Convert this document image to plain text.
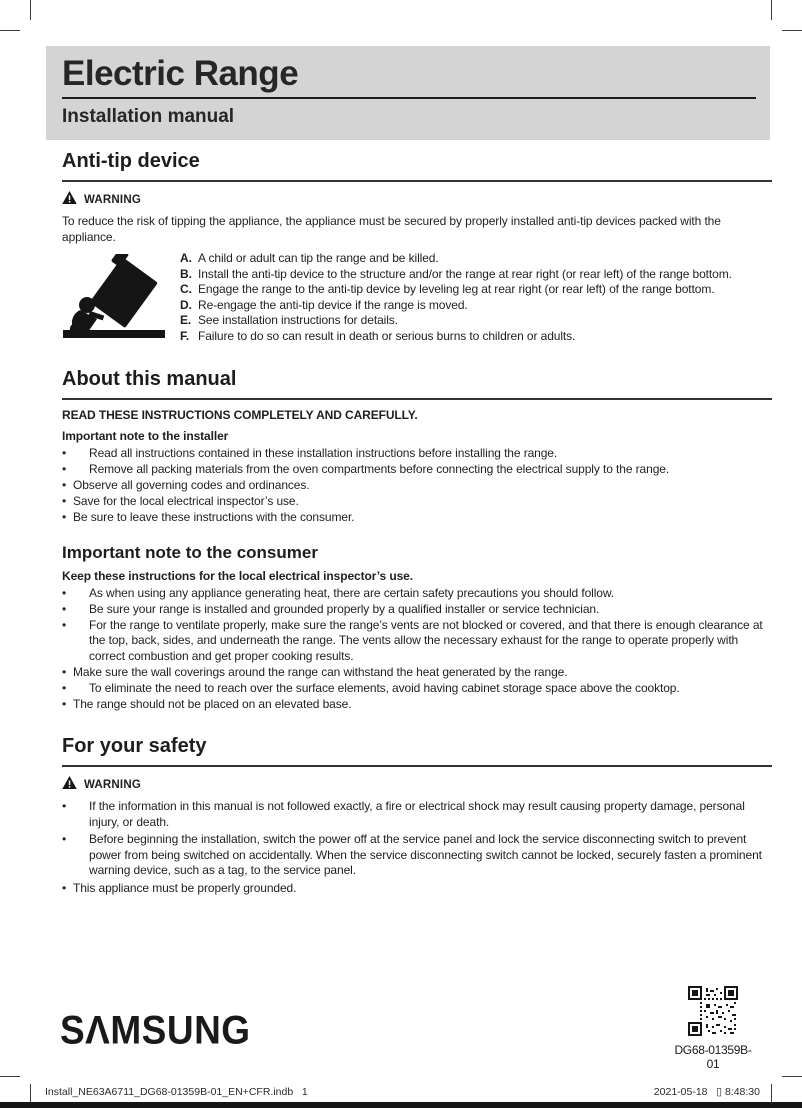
Electric Range
Installation manual
Anti-tip device
WARNING

To reduce the risk of tipping the appliance, the appliance must be secured by properly installed anti-tip devices packed with the appliance.

A. A child or adult can tip the range and be killed.
B. Install the anti-tip device to the structure and/or the range at rear right (or rear left) of the range bottom.
C. Engage the range to the anti-tip device by leveling leg at rear right (or rear left) of the range bottom.
D. Re-engage the anti-tip device if the range is moved.
E. See installation instructions for details.
F. Failure to do so can result in death or serious burns to children or adults.
About this manual

READ THESE INSTRUCTIONS COMPLETELY AND CAREFULLY.

Important note to the installer

•	Read all instructions contained in these installation instructions before installing the range.
•	Remove all packing materials from the oven compartments before connecting the electrical supply to the range.
• Observe all governing codes and ordinances.
• Save for the local electrical inspector’s use.
• Be sure to leave these instructions with the consumer.
Important note to the consumer

Keep these instructions for the local electrical inspector’s use.

•	As when using any appliance generating heat, there are certain safety precautions you should follow.
•	Be sure your range is installed and grounded properly by a qualified installer or service technician.
•	For the range to ventilate properly, make sure the range’s vents are not blocked or covered, and that there is enough clearance at the top, back, sides, and underneath the range. The vents allow the necessary exhaust for the range to operate properly with correct combustion and get proper cooking results.
• Make sure the wall coverings around the range can withstand the heat generated by the range.
•	To eliminate the need to reach over the surface elements, avoid having cabinet storage space above the cooktop.
• The range should not be placed on an elevated base.
For your safety
WARNING
•	If the information in this manual is not followed exactly, a fire or electrical shock may result causing property damage, personal injury, or death.
•	Before beginning the installation, switch the power off at the service panel and lock the service disconnecting switch to prevent power from being switched on accidentally. When the service disconnecting switch cannot be locked, securely fasten a prominent warning device, such as a tag, to the service panel.
• This appliance must be properly grounded.
SΛMSUNG	DG68-01359B-01
Install_NE63A6711_DG68-01359B-01_EN+CFR.indb   1	2021-05-18   ▯ 8:48:30
